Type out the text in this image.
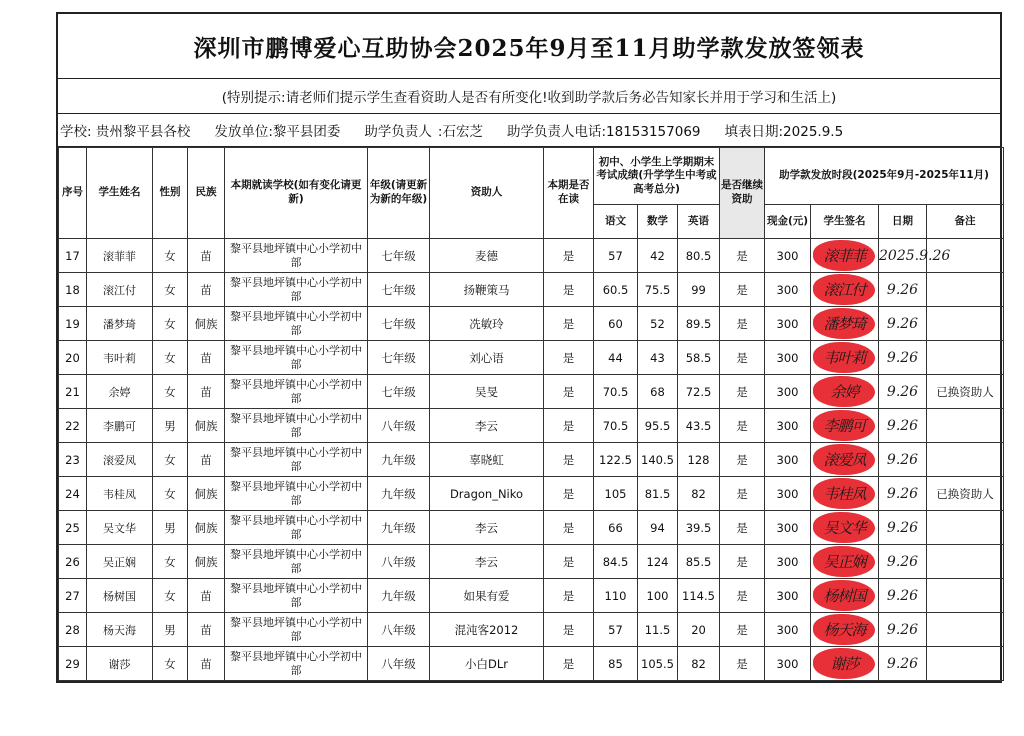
深圳市鹏博爱心互助协会2025年9月至11月助学款发放签领表
(特别提示:请老师们提示学生查看资助人是否有所变化!收到助学款后务必告知家长并用于学习和生活上)
学校: 贵州黎平县各校 发放单位:黎平县团委 助学负责人 :石宏芝 助学负责人电话:18153157069 填表日期:2025.9.5
序号	学生姓名	性别	民族	本期就读学校(如有变化请更新)	年级(请更新为新的年级)	资助人	本期是否在读	初中、小学生上学期期末考试成绩(升学学生中考或高考总分)			是否继续资助	助学款发放时段(2025年9月-2025年11月)			
								语文	数学	英语		现金(元)	学生签名	日期	备注
17	滚菲菲	女	苗	黎平县地坪镇中心小学初中部	七年级	麦德	是	57	42	80.5	是	300	滚菲菲	2025.9.26	
18	滚江付	女	苗	黎平县地坪镇中心小学初中部	七年级	扬鞭策马	是	60.5	75.5	99	是	300	滚江付	9.26	
19	潘梦琦	女	侗族	黎平县地坪镇中心小学初中部	七年级	冼敏玲	是	60	52	89.5	是	300	潘梦琦	9.26	
20	韦叶莉	女	苗	黎平县地坪镇中心小学初中部	七年级	刘心语	是	44	43	58.5	是	300	韦叶莉	9.26	
21	余婷	女	苗	黎平县地坪镇中心小学初中部	七年级	吴旻	是	70.5	68	72.5	是	300	余婷	9.26	已换资助人
22	李鹏可	男	侗族	黎平县地坪镇中心小学初中部	八年级	李云	是	70.5	95.5	43.5	是	300	李鹏可	9.26	
23	滚爱凤	女	苗	黎平县地坪镇中心小学初中部	九年级	辜晓虹	是	122.5	140.5	128	是	300	滚爱凤	9.26	
24	韦桂凤	女	侗族	黎平县地坪镇中心小学初中部	九年级	Dragon_Niko	是	105	81.5	82	是	300	韦桂凤	9.26	已换资助人
25	吴文华	男	侗族	黎平县地坪镇中心小学初中部	九年级	李云	是	66	94	39.5	是	300	吴文华	9.26	
26	吴正娴	女	侗族	黎平县地坪镇中心小学初中部	八年级	李云	是	84.5	124	85.5	是	300	吴正娴	9.26	
27	杨树国	女	苗	黎平县地坪镇中心小学初中部	九年级	如果有爱	是	110	100	114.5	是	300	杨树国	9.26	
28	杨天海	男	苗	黎平县地坪镇中心小学初中部	八年级	混沌客2012	是	57	11.5	20	是	300	杨天海	9.26	
29	谢莎	女	苗	黎平县地坪镇中心小学初中部	八年级	小白DLr	是	85	105.5	82	是	300	谢莎	9.26	
